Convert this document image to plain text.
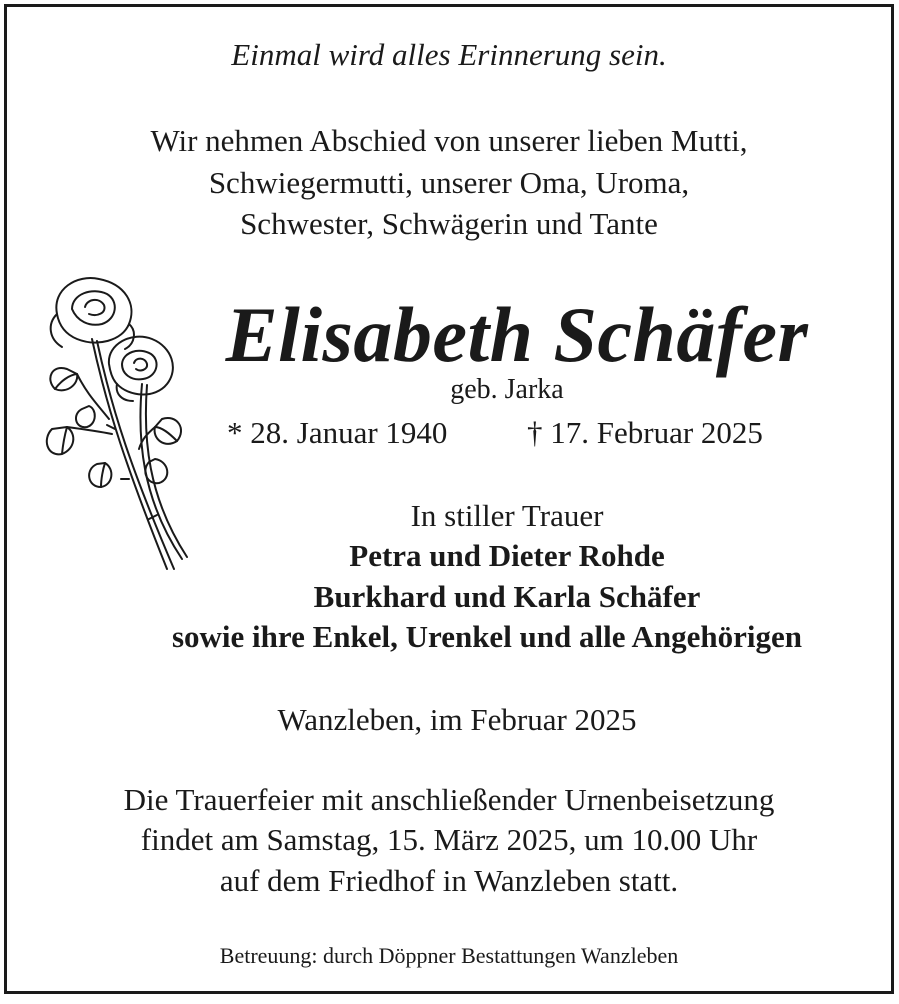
Einmal wird alles Erinnerung sein.

Wir nehmen Abschied von unserer lieben Mutti,

Schwiegermutti, unserer Oma, Uroma,

Schwester, Schwägerin und Tante

Elisabeth Schäfer

geb. Jarka

* 28. Januar 1940	† 17. Februar 2025

In stiller Trauer

Petra und Dieter Rohde

Burkhard und Karla Schäfer

sowie ihre Enkel, Urenkel und alle Angehörigen

Wanzleben, im Februar 2025

Die Trauerfeier mit anschließender Urnenbeisetzung

findet am Samstag, 15. März 2025, um 10.00 Uhr

auf dem Friedhof in Wanzleben statt.

Betreuung: durch Döppner Bestattungen Wanzleben
